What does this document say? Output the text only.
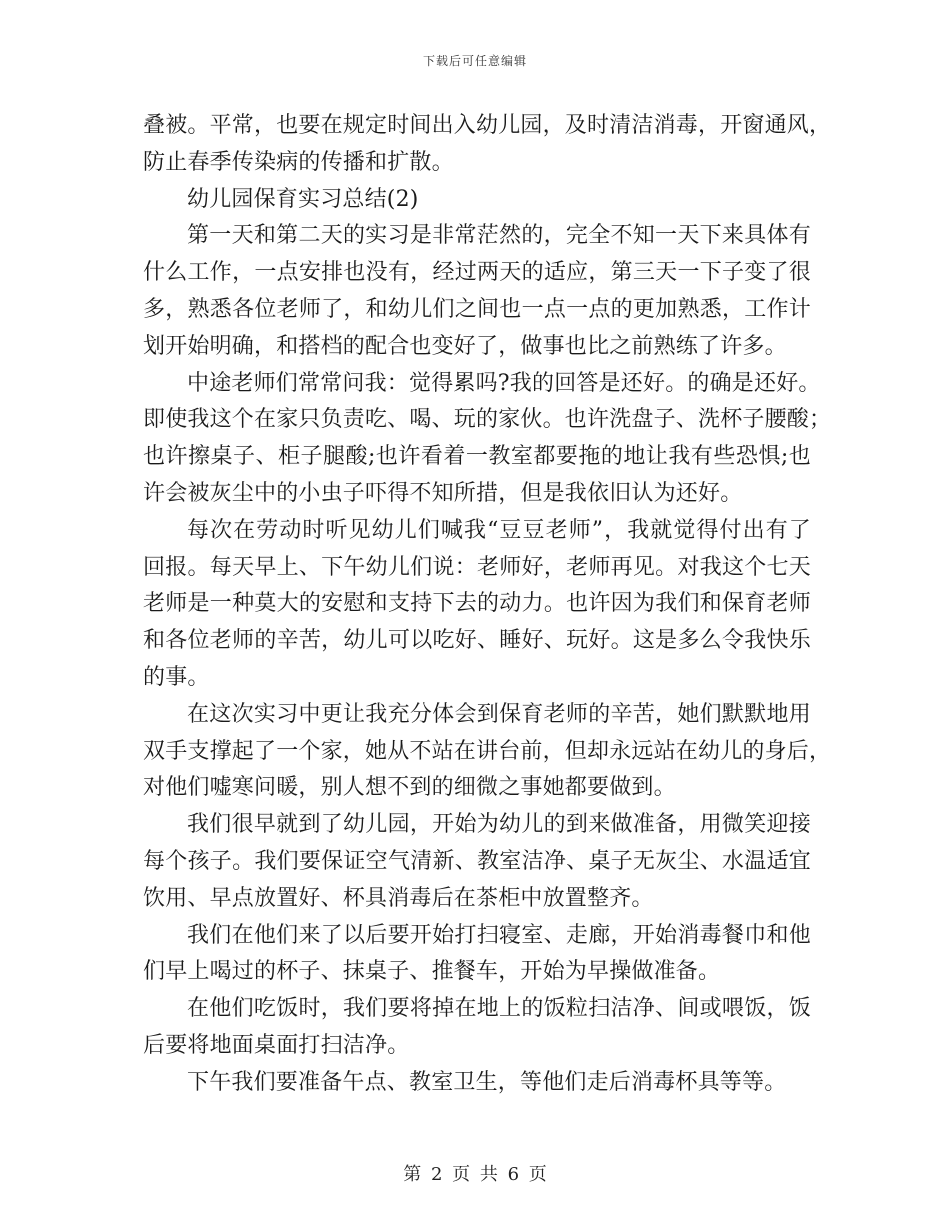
下载后可任意编辑
叠被。平常，也要在规定时间出入幼儿园，及时清洁消毒，开窗通风，
防止春季传染病的传播和扩散。
幼儿园保育实习总结(2)
第一天和第二天的实习是非常茫然的，完全不知一天下来具体有
什么工作，一点安排也没有，经过两天的适应，第三天一下子变了很
多，熟悉各位老师了，和幼儿们之间也一点一点的更加熟悉，工作计
划开始明确，和搭档的配合也变好了，做事也比之前熟练了许多。
中途老师们常常问我：觉得累吗?我的回答是还好。的确是还好。
即使我这个在家只负责吃、喝、玩的家伙。也许洗盘子、洗杯子腰酸；
也许擦桌子、柜子腿酸;也许看着一教室都要拖的地让我有些恐惧;也
许会被灰尘中的小虫子吓得不知所措，但是我依旧认为还好。
每次在劳动时听见幼儿们喊我“豆豆老师”，我就觉得付出有了
回报。每天早上、下午幼儿们说：老师好，老师再见。对我这个七天
老师是一种莫大的安慰和支持下去的动力。也许因为我们和保育老师
和各位老师的辛苦，幼儿可以吃好、睡好、玩好。这是多么令我快乐
的事。
在这次实习中更让我充分体会到保育老师的辛苦，她们默默地用
双手支撑起了一个家，她从不站在讲台前，但却永远站在幼儿的身后，
对他们嘘寒问暖，别人想不到的细微之事她都要做到。
我们很早就到了幼儿园，开始为幼儿的到来做准备，用微笑迎接
每个孩子。我们要保证空气清新、教室洁净、桌子无灰尘、水温适宜
饮用、早点放置好、杯具消毒后在茶柜中放置整齐。
我们在他们来了以后要开始打扫寝室、走廊，开始消毒餐巾和他
们早上喝过的杯子、抹桌子、推餐车，开始为早操做准备。
在他们吃饭时，我们要将掉在地上的饭粒扫洁净、间或喂饭，饭
后要将地面桌面打扫洁净。
下午我们要准备午点、教室卫生，等他们走后消毒杯具等等。
第 2 页 共 6 页
